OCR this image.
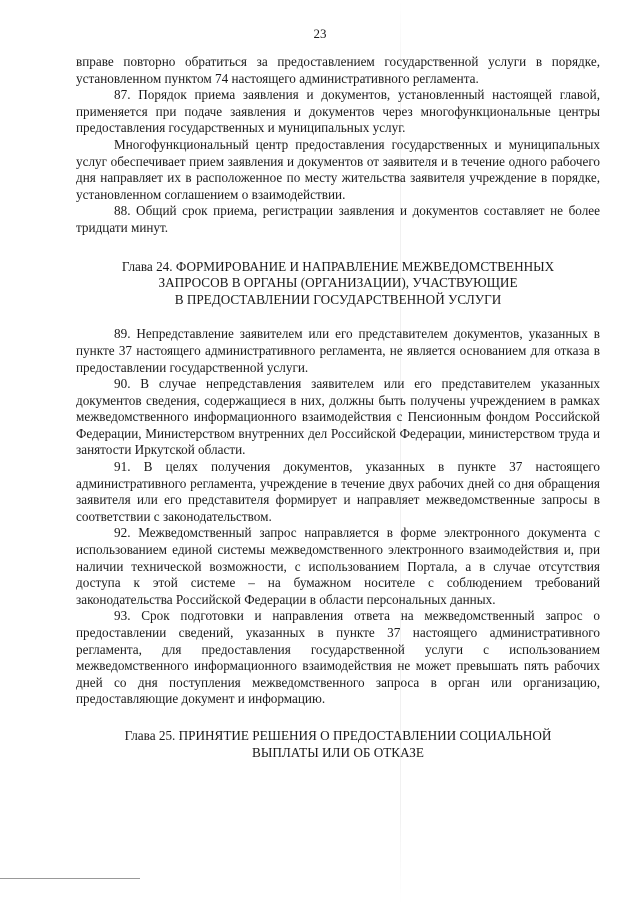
23

вправе повторно обратиться за предоставлением государственной услуги в порядке, установленном пунктом 74 настоящего административного регламента.

87. Порядок приема заявления и документов, установленный настоящей главой, применяется при подаче заявления и документов через многофункциональные центры предоставления государственных и муниципальных услуг.

Многофункциональный центр предоставления государственных и муниципальных услуг обеспечивает прием заявления и документов от заявителя и в течение одного рабочего дня направляет их в расположенное по месту жительства заявителя учреждение в порядке, установленном соглашением о взаимодействии.

88. Общий срок приема, регистрации заявления и документов составляет не более тридцати минут.

Глава 24. ФОРМИРОВАНИЕ И НАПРАВЛЕНИЕ МЕЖВЕДОМСТВЕННЫХ
ЗАПРОСОВ В ОРГАНЫ (ОРГАНИЗАЦИИ), УЧАСТВУЮЩИЕ
В ПРЕДОСТАВЛЕНИИ ГОСУДАРСТВЕННОЙ УСЛУГИ

89. Непредставление заявителем или его представителем документов, указанных в пункте 37 настоящего административного регламента, не является основанием для отказа в предоставлении государственной услуги.

90. В случае непредставления заявителем или его представителем указанных документов сведения, содержащиеся в них, должны быть получены учреждением в рамках межведомственного информационного взаимодействия с Пенсионным фондом Российской Федерации, Министерством внутренних дел Российской Федерации, министерством труда и занятости Иркутской области.

91. В целях получения документов, указанных в пункте 37 настоящего административного регламента, учреждение в течение двух рабочих дней со дня обращения заявителя или его представителя формирует и направляет межведомственные запросы в соответствии с законодательством.

92. Межведомственный запрос направляется в форме электронного документа с использованием единой системы межведомственного электронного взаимодействия и, при наличии технической возможности, с использованием Портала, а в случае отсутствия доступа к этой системе – на бумажном носителе с соблюдением требований законодательства Российской Федерации в области персональных данных.

93. Срок подготовки и направления ответа на межведомственный запрос о предоставлении сведений, указанных в пункте 37 настоящего административного регламента, для предоставления государственной услуги с использованием межведомственного информационного взаимодействия не может превышать пять рабочих дней со дня поступления межведомственного запроса в орган или организацию, предоставляющие документ и информацию.

Глава 25. ПРИНЯТИЕ РЕШЕНИЯ О ПРЕДОСТАВЛЕНИИ СОЦИАЛЬНОЙ
ВЫПЛАТЫ ИЛИ ОБ ОТКАЗЕ
